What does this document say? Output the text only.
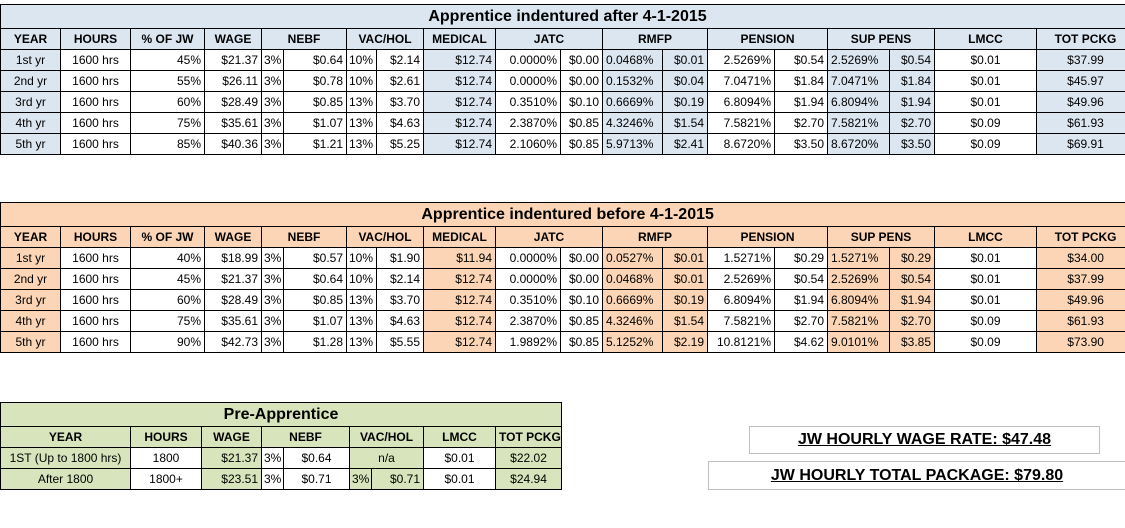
Apprentice indentured after 4-1-2015																		
YEAR	HOURS	% OF JW	WAGE	NEBF		VAC/HOL		MEDICAL	JATC		RMFP		PENSION		SUP PENS		LMCC	TOT PCKG
1st yr	1600 hrs	45%	$21.37	3%	$0.64	10%	$2.14	$12.74	0.0000%	$0.00	0.0468%	$0.01	2.5269%	$0.54	2.5269%	$0.54	$0.01	$37.99
2nd yr	1600 hrs	55%	$26.11	3%	$0.78	10%	$2.61	$12.74	0.0000%	$0.00	0.1532%	$0.04	7.0471%	$1.84	7.0471%	$1.84	$0.01	$45.97
3rd yr	1600 hrs	60%	$28.49	3%	$0.85	13%	$3.70	$12.74	0.3510%	$0.10	0.6669%	$0.19	6.8094%	$1.94	6.8094%	$1.94	$0.01	$49.96
4th yr	1600 hrs	75%	$35.61	3%	$1.07	13%	$4.63	$12.74	2.3870%	$0.85	4.3246%	$1.54	7.5821%	$2.70	7.5821%	$2.70	$0.09	$61.93
5th yr	1600 hrs	85%	$40.36	3%	$1.21	13%	$5.25	$12.74	2.1060%	$0.85	5.9713%	$2.41	8.6720%	$3.50	8.6720%	$3.50	$0.09	$69.91
Apprentice indentured before 4-1-2015																		
YEAR	HOURS	% OF JW	WAGE	NEBF		VAC/HOL		MEDICAL	JATC		RMFP		PENSION		SUP PENS		LMCC	TOT PCKG
1st yr	1600 hrs	40%	$18.99	3%	$0.57	10%	$1.90	$11.94	0.0000%	$0.00	0.0527%	$0.01	1.5271%	$0.29	1.5271%	$0.29	$0.01	$34.00
2nd yr	1600 hrs	45%	$21.37	3%	$0.64	10%	$2.14	$12.74	0.0000%	$0.00	0.0468%	$0.01	2.5269%	$0.54	2.5269%	$0.54	$0.01	$37.99
3rd yr	1600 hrs	60%	$28.49	3%	$0.85	13%	$3.70	$12.74	0.3510%	$0.10	0.6669%	$0.19	6.8094%	$1.94	6.8094%	$1.94	$0.01	$49.96
4th yr	1600 hrs	75%	$35.61	3%	$1.07	13%	$4.63	$12.74	2.3870%	$0.85	4.3246%	$1.54	7.5821%	$2.70	7.5821%	$2.70	$0.09	$61.93
5th yr	1600 hrs	90%	$42.73	3%	$1.28	13%	$5.55	$12.74	1.9892%	$0.85	5.1252%	$2.19	10.8121%	$4.62	9.0101%	$3.85	$0.09	$73.90
Pre-Apprentice								
YEAR	HOURS	WAGE	NEBF		VAC/HOL		LMCC	TOT PCKG
1ST (Up to 1800 hrs)	1800	$21.37	3%	$0.64	n/a		$0.01	$22.02
After 1800	1800+	$23.51	3%	$0.71	3%	$0.71	$0.01	$24.94
JW HOURLY WAGE RATE: $47.48
JW HOURLY TOTAL PACKAGE: $79.80
